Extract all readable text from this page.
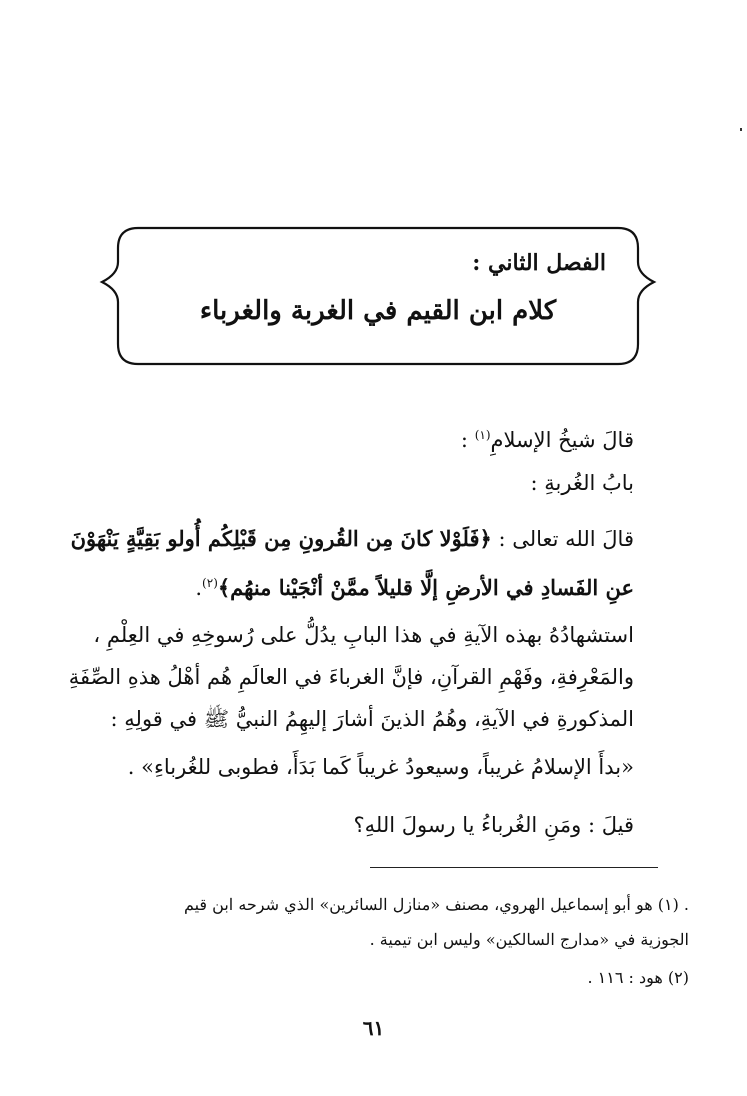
الفصل الثاني :
كلام ابن القيم في الغربة والغرباء
قالَ شيخُ الإسلامِ$^{(١)}$ :
بابُ الغُربةِ :
قالَ الله تعالى : ﴿فَلَوْلا كانَ مِن القُرونِ مِن قَبْلِكُم أُولو بَقِيَّةٍ يَنْهَوْنَ
عنِ الفَسادِ في الأرضِ إلَّا قليلاً ممَّنْ أنْجَيْنا منهُم﴾$^{(٢)}$.
استشهادُهُ بهذه الآيةِ في هذا البابِ يدُلُّ على رُسوخِهِ في العِلْمِ ،
والمَعْرِفةِ، وفَهْمِ القرآنِ، فإنَّ الغرباءَ في العالَمِ هُم أهْلُ هذهِ الصِّفَةِ
المذكورةِ في الآيةِ، وهُمُ الذينَ أشارَ إليهِمُ النبيُّ ﷺ في قولِهِ :
«بدأَ الإسلامُ غريباً، وسيعودُ غريباً كَما بَدَأَ، فطوبى للغُرباءِ» .
قيلَ : ومَنِ الغُرباءُ يا رسولَ اللهِ؟
. (١) هو أبو إسماعيل الهروي، مصنف «منازل السائرين» الذي شرحه ابن قيم
الجوزية في «مدارج السالكين» وليس ابن تيمية .
(٢) هود : ١١٦ .
٦١
